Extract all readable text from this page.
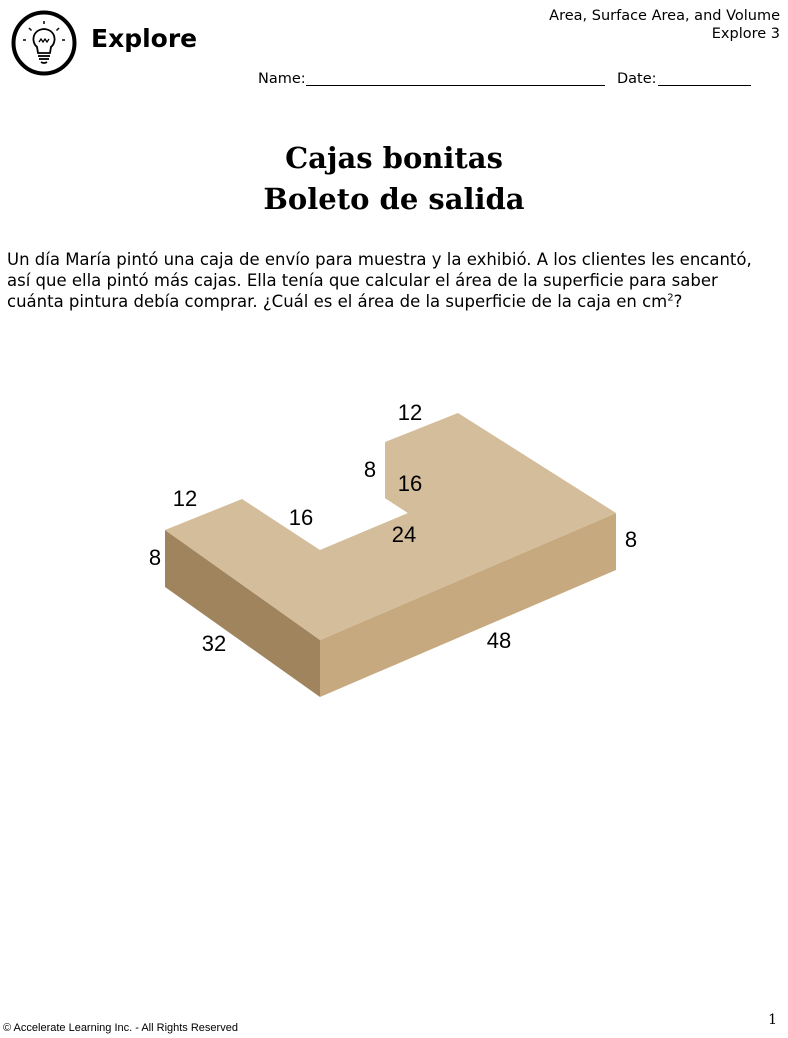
Explore
Area, Surface Area, and Volume
Explore 3
Name:	Date:
Cajas bonitas
Boleto de salida
Un día María pintó una caja de envío para muestra y la exhibió. A los clientes les encantó, así que ella pintó más cajas. Ella tenía que calcular el área de la superficie para saber cuánta pintura debía comprar. ¿Cuál es el área de la superficie de la caja en $cm^2$?
12
8
16
12
16
8
24	8
32	48
© Accelerate Learning Inc. - All Rights Reserved	1
